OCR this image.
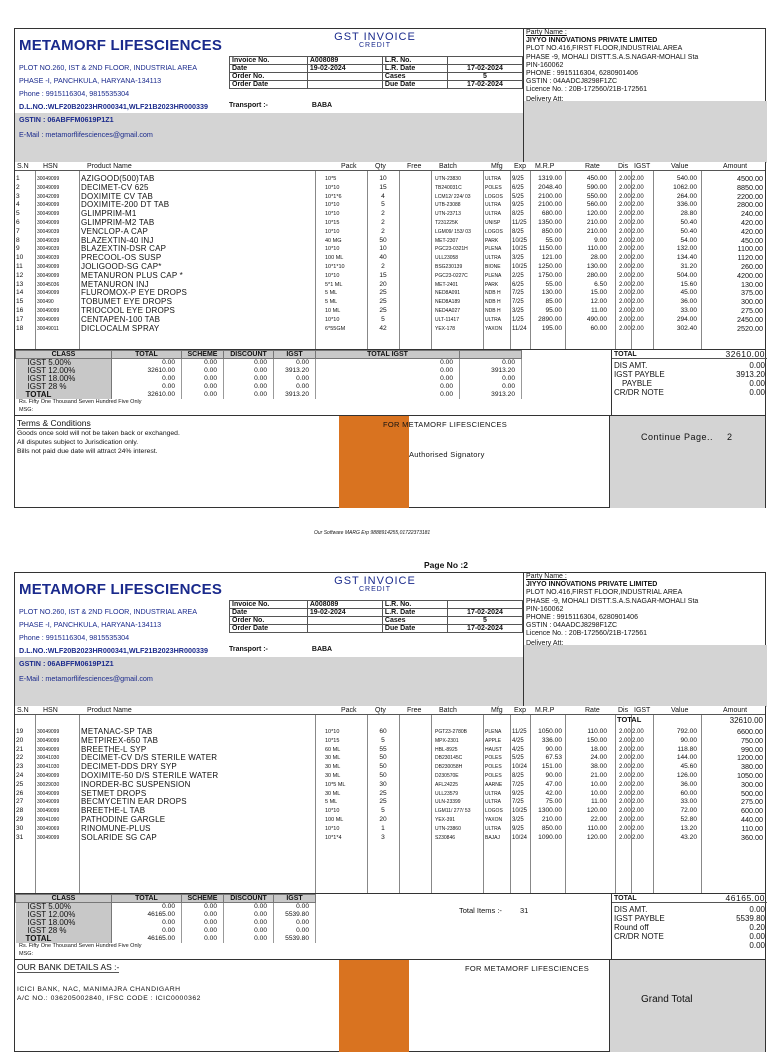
METAMORF LIFESCIENCES
PLOT NO.260, IST & 2ND FLOOR, INDUSTRIAL AREA
PHASE -I, PANCHKULA, HARYANA-134113
Phone : 9915116304, 9815535304
D.L.NO.:WLF20B2023HR000341,WLF21B2023HR000339
GSTIN : 06ABFFM0619P1Z1
E-Mail : metamorflifesciences@gmail.com
GST INVOICE
CREDIT
Invoice No.	A008089	L.R. No.	
Date	19-02-2024	L.R. Date	17-02-2024
Order No.		Cases	5
Order Date		Due Date	17-02-2024
Transport :-	BABA
Party Name :
JIYYO INNOVATIONS PRIVATE LIMITED
PLOT NO.416,FIRST FLOOR,INDUSTRIAL AREA
PHASE -9, MOHALI DISTT.S.A.S.NAGAR-MOHALI Sta
PIN-160062
PHONE : 9915116304, 6280901406
GSTIN : 04AADCJ8298F1ZC
Licence No. : 20B-172560/21B-172561
Delivery Att:
S.N HSN	Product Name	Pack	Qty	Free	Batch	Mfg Exp M.R.P	Rate	Dis IGST	Value	Amount
1	30049099	AZIGOOD(500)TAB	10*5	10	UTN-23830	ULTRA	9/25	1319.00	450.00 2.00 2.00	540.00	4500.00
2	30049099	DECIMET-CV 625	10*10	15	TB240031C	POLES	6/25	2048.40	590.00 2.00 2.00	1062.00	8850.00
3	30042099	DOXIMITE CV TAB	10*1*6	4	LCM12/ 224/ 03	LOGOS	5/25	2100.00	550.00 2.00 2.00	264.00	2200.00
4	30049099	DOXIMITE-200 DT TAB	10*10	5	UTB-23088	ULTRA	9/25	2100.00	560.00 2.00 2.00	336.00	2800.00
5	30049099	GLIMPRIM-M1	10*10	2	UTN-23713	ULTRA	8/25	680.00	120.00 2.00 2.00	28.80	240.00
6	30049099	GLIMPRIM-M2 TAB	10*15	2	T231225K	UNISP	11/25	1350.00	210.00 2.00 2.00	50.40	420.00
7	30049039	VENCLOP-A CAP	10*10	2	LGM09/ 153/ 03	LOGOS	8/25	850.00	210.00 2.00 2.00	50.40	420.00
8	30049039	BLAZEXTIN-40 INJ	40 MG	50	MET-2307	PARK	10/25	55.00	9.00 2.00 2.00	54.00	450.00
9	30049039	BLAZEXTIN-DSR CAP	10*10	10	PGC23-0321H	PLENA	10/25	1150.00	110.00 2.00 2.00	132.00	1100.00
10	30049039	PRECOOL-OS SUSP	100 ML	40	ULL23058	ULTRA	3/25	121.00	28.00 2.00 2.00	134.40	1120.00
11	30049099	JOLIGOOD-SG CAP*	10*1*10	2	BSG230139	BIONE	10/25	1250.00	130.00 2.00 2.00	31.20	260.00
12	30049099	METANURON PLUS CAP *	10*10	15	PGC23-0227C	PLENA	2/25	1750.00	280.00 2.00 2.00	504.00	4200.00
13	30045036	METANURON INJ	5*1 ML	20	MET-2401	PARK	6/25	55.00	6.50 2.00 2.00	15.60	130.00
14	30049099	FLUROMOX-P EYE DROPS	5 ML	25	NED8A091	NDB H	7/25	130.00	15.00 2.00 2.00	45.00	375.00
15	300490	TOBUMET EYE DROPS	5 ML	25	NED8A189	NDB H	7/25	85.00	12.00 2.00 2.00	36.00	300.00
16	30049099	TRIOCOOL EYE DROPS	10 ML	25	NED4A027	NDB H	3/25	95.00	11.00 2.00 2.00	33.00	275.00
17	30049099	CENTAPEN-100 TAB	10*10	5	ULT-11417	ULTRA	1/25	2890.00	490.00 2.00 2.00	294.00	2450.00
18	30049011	DICLOCALM SPRAY	6*55GM	42	YEX-178	YAXON	11/24	195.00	60.00 2.00 2.00	302.40	2520.00
CLASS	TOTAL	SCHEME	DISCOUNT	IGST	TOTAL IGST	
IGST 5.00%	0.00	0.00	0.00	0.00	0.00	0.00
IGST 12.00%	32610.00	0.00	0.00	3913.20	0.00	3913.20
IGST 18.00%	0.00	0.00	0.00	0.00	0.00	0.00
IGST 28 %	0.00	0.00	0.00	0.00	0.00	0.00
TOTAL	32610.00	0.00	0.00	3913.20	0.00	3913.20
Rs. Fifty One Thousand Seven Hundred Five Only
MSG:
TOTAL	32610.00
DIS AMT.	0.00
IGST PAYBLE	3913.20
PAYBLE	0.00
CR/DR NOTE	0.00
Terms & Conditions
Goods once sold will not be taken back or exchanged.
All disputes subject to Jurisdication only.
Bills not paid due date will attract 24% interest.
FOR METAMORF LIFESCIENCES
Authorised Signatory
Continue Page.. 2
Our Software MARG Erp 9888914255,01722373181
Page No :2
METAMORF LIFESCIENCES
PLOT NO.260, IST & 2ND FLOOR, INDUSTRIAL AREA
PHASE -I, PANCHKULA, HARYANA-134113
Phone : 9915116304, 9815535304
D.L.NO.:WLF20B2023HR000341,WLF21B2023HR000339
GSTIN : 06ABFFM0619P1Z1
E-Mail : metamorflifesciences@gmail.com
GST INVOICE
CREDIT
Invoice No.	A008089	L.R. No.	
Date	19-02-2024	L.R. Date	17-02-2024
Order No.		Cases	5
Order Date		Due Date	17-02-2024
Transport :-	BABA
Party Name :
JIYYO INNOVATIONS PRIVATE LIMITED
PLOT NO.416,FIRST FLOOR,INDUSTRIAL AREA
PHASE -9, MOHALI DISTT.S.A.S.NAGAR-MOHALI Sta
PIN-160062
PHONE : 9915116304, 6280901406
GSTIN : 04AADCJ8298F1ZC
Licence No. : 20B-172560/21B-172561
Delivery Att:
S.N HSN	Product Name	Pack	Qty	Free	Batch	Mfg Exp M.R.P	Rate	Dis IGST	Value	Amount
TOTAL	32610.00
19	30049099	METANAC-SP TAB	10*10	60	PGT23-2780B	PLENA	11/25	1050.00	110.00 2.00 2.00	792.00	6600.00
20	30049099	METPIREX-650 TAB	10*15	5	MPX-2301	APPLE	4/25	336.00	150.00 2.00 2.00	90.00	750.00
21	30049099	BREETHE-L SYP	60 ML	55	HBL-8925	HAUST	4/25	90.00	18.00 2.00 2.00	118.80	990.00
22	30041030	DECIMET-CV D/S STERILE WATER	30 ML	50	DB230145C	POLES	5/25	67.53	24.00 2.00 2.00	144.00	1200.00
23	30041030	DECIMET-DDS DRY SYP	30 ML	50	DB230058H	POLES	10/24	151.00	38.00 2.00 2.00	45.60	380.00
24	30049099	DOXIMITE-50 D/S STERILE WATER	30 ML	50	D230570E	POLES	8/25	90.00	21.00 2.00 2.00	126.00	1050.00
25	30029030	INORDER-BC SUSPENSION	10*5 ML	30	AFL24225	AARNE	7/25	47.00	10.00 2.00 2.00	36.00	300.00
26	30049099	SETMET DROPS	30 ML	25	ULL23579	ULTRA	9/25	42.00	10.00 2.00 2.00	60.00	500.00
27	30049099	BECMYCETIN EAR DROPS	5 ML	25	ULN-23399	ULTRA	7/25	75.00	11.00 2.00 2.00	33.00	275.00
28	30049099	BREETHE-L TAB	10*10	5	LGM11/ 277/ 53	LOGOS	10/25	1300.00	120.00 2.00 2.00	72.00	600.00
29	30041090	PATHODINE GARGLE	100 ML	20	YEX-391	YAXON	3/25	210.00	22.00 2.00 2.00	52.80	440.00
30	30049069	RINOMUNE-PLUS	10*10	1	UTN-23860	ULTRA	9/25	850.00	110.00 2.00 2.00	13.20	110.00
31	30049099	SOLARIDE SG CAP	10*1*4	3	S230846	BAJAJ	10/24	1090.00	120.00 2.00 2.00	43.20	360.00
CLASS	TOTAL	SCHEME	DISCOUNT	IGST
IGST 5.00%	0.00	0.00	0.00	0.00
IGST 12.00%	46165.00	0.00	0.00	5539.80
IGST 18.00%	0.00	0.00	0.00	0.00
IGST 28 %	0.00	0.00	0.00	0.00
TOTAL	46165.00	0.00	0.00	5539.80
Total Items :- 31
Rs. Fifty One Thousand Seven Hundred Five Only
MSG:
TOTAL	46165.00
DIS AMT.	0.00
IGST PAYBLE	5539.80
Round off	0.20
CR/DR NOTE	0.00
0.00
OUR BANK DETAILS AS :-
ICICI BANK, NAC, MANIMAJRA CHANDIGARH
A/C NO.: 036205002840, IFSC CODE : ICIC0000362
FOR METAMORF LIFESCIENCES
Grand Total
